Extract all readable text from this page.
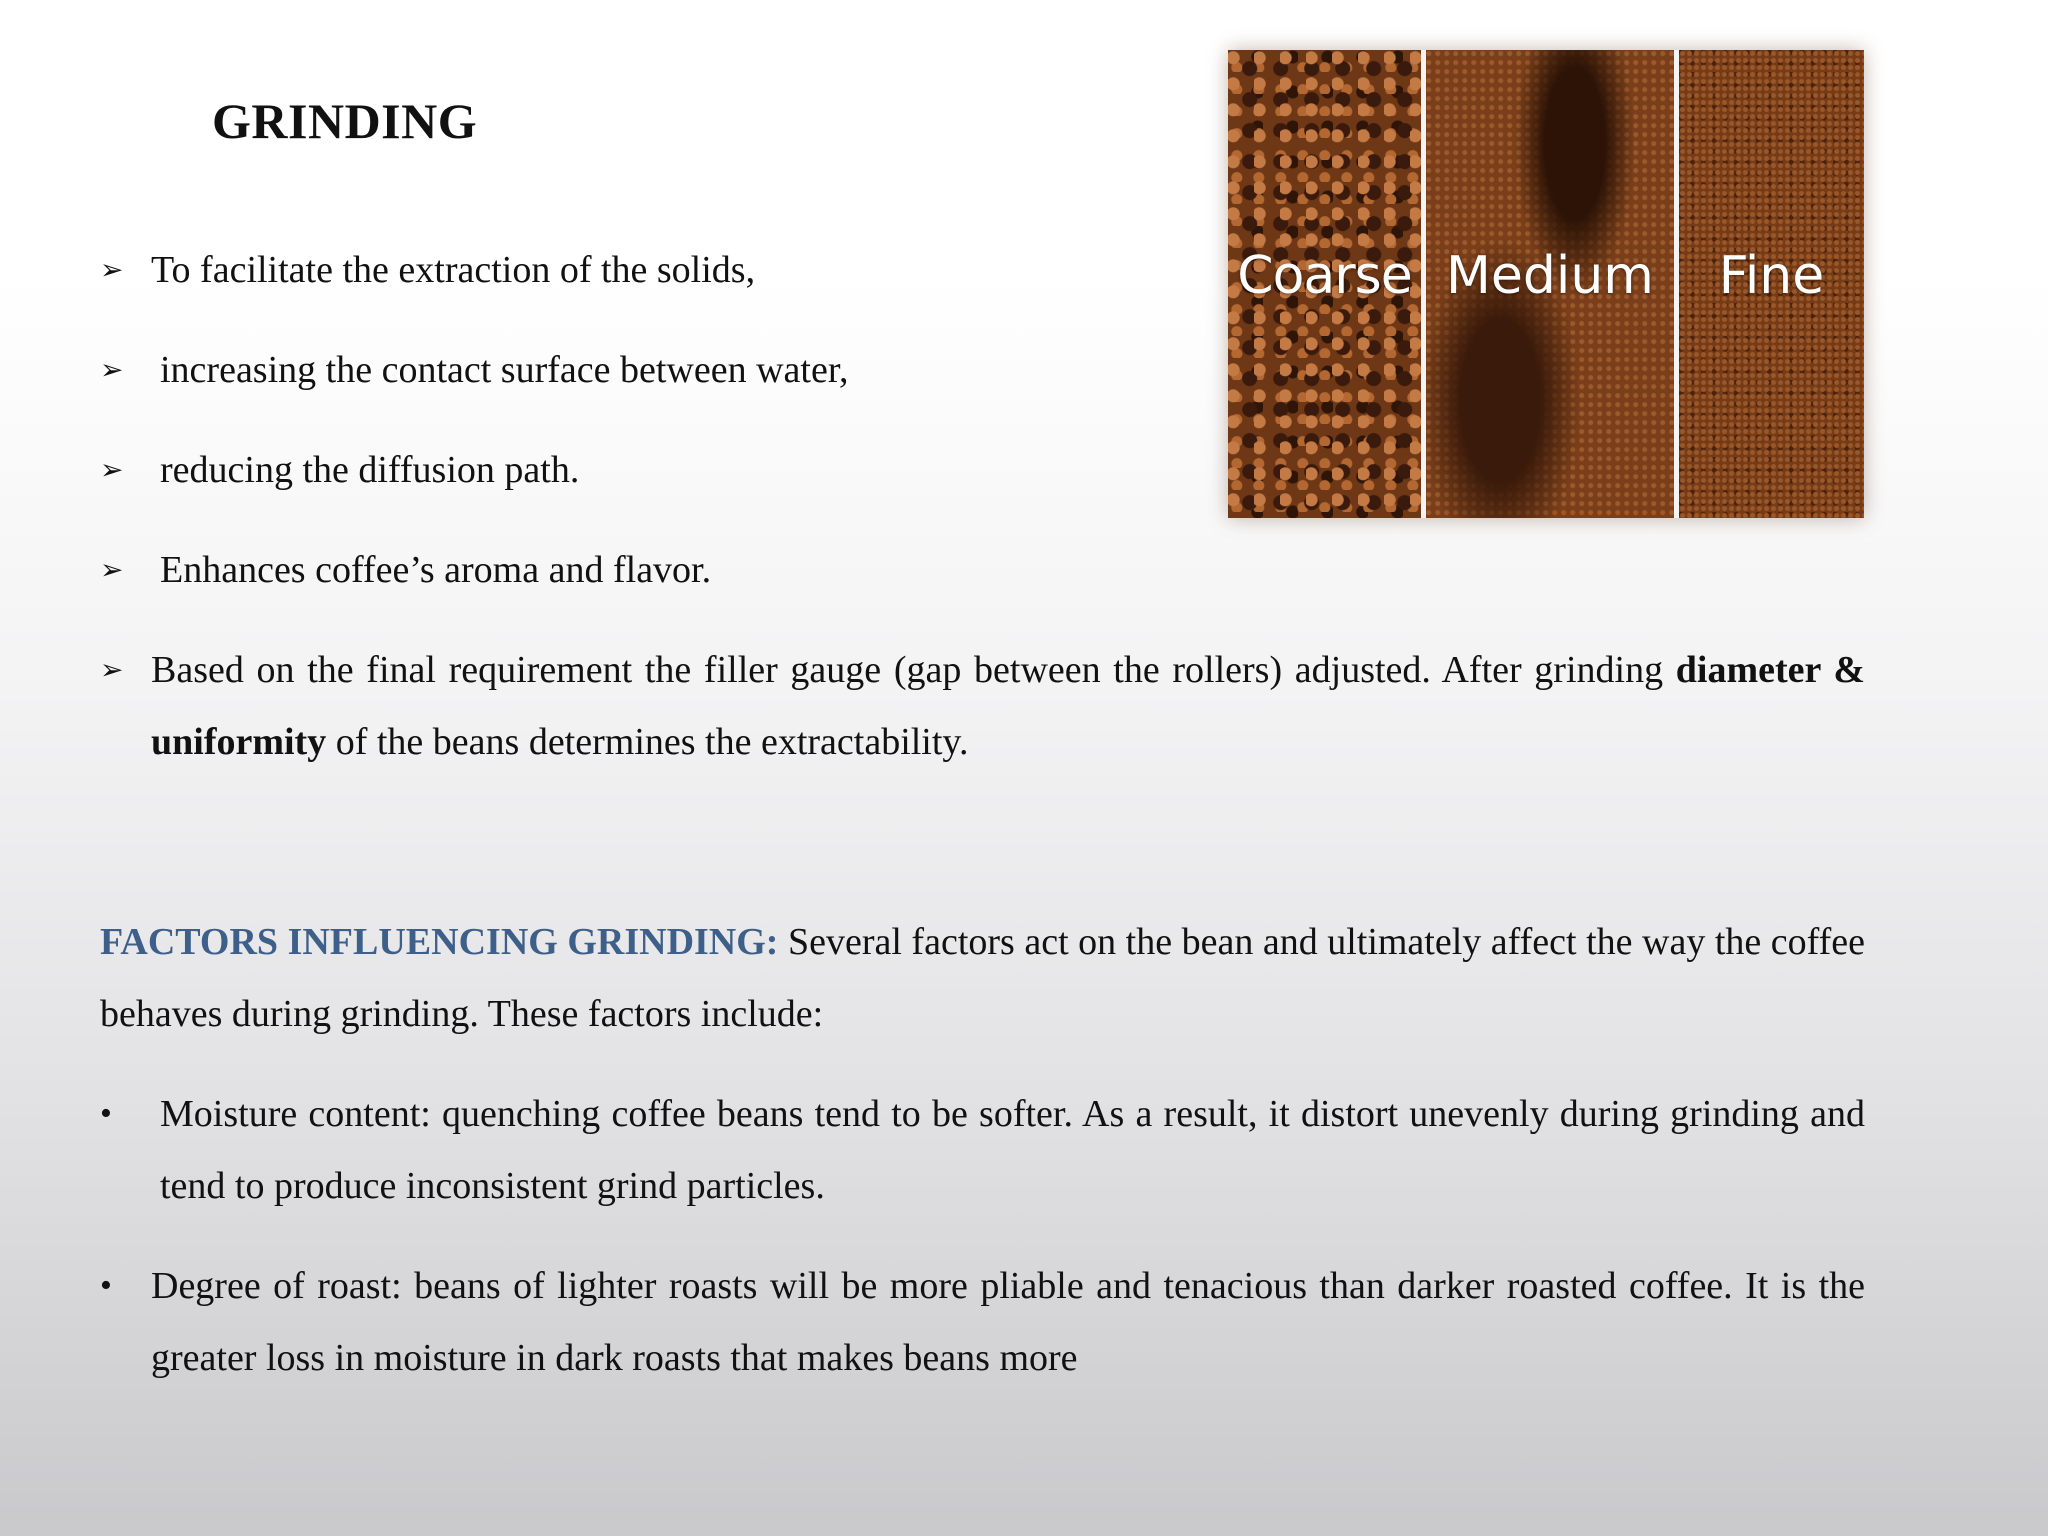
GRINDING
➢ To facilitate the extraction of the solids,
➢ increasing the contact surface between water,
➢ reducing the diffusion path.
➢ Enhances coffee’s aroma and flavor.
➢ Based on the final requirement the filler gauge (gap between the rollers) adjusted. After grinding diameter & uniformity of the beans determines the extractability.
FACTORS INFLUENCING GRINDING: Several factors act on the bean and ultimately affect the way the coffee behaves during grinding. These factors include:
•	Moisture content: quenching coffee beans tend to be softer. As a result, it distort unevenly during grinding and tend to produce inconsistent grind particles.
•	Degree of roast: beans of lighter roasts will be more pliable and tenacious than darker roasted coffee. It is the greater loss in moisture in dark roasts that makes beans more
Coarse Medium	Fine
